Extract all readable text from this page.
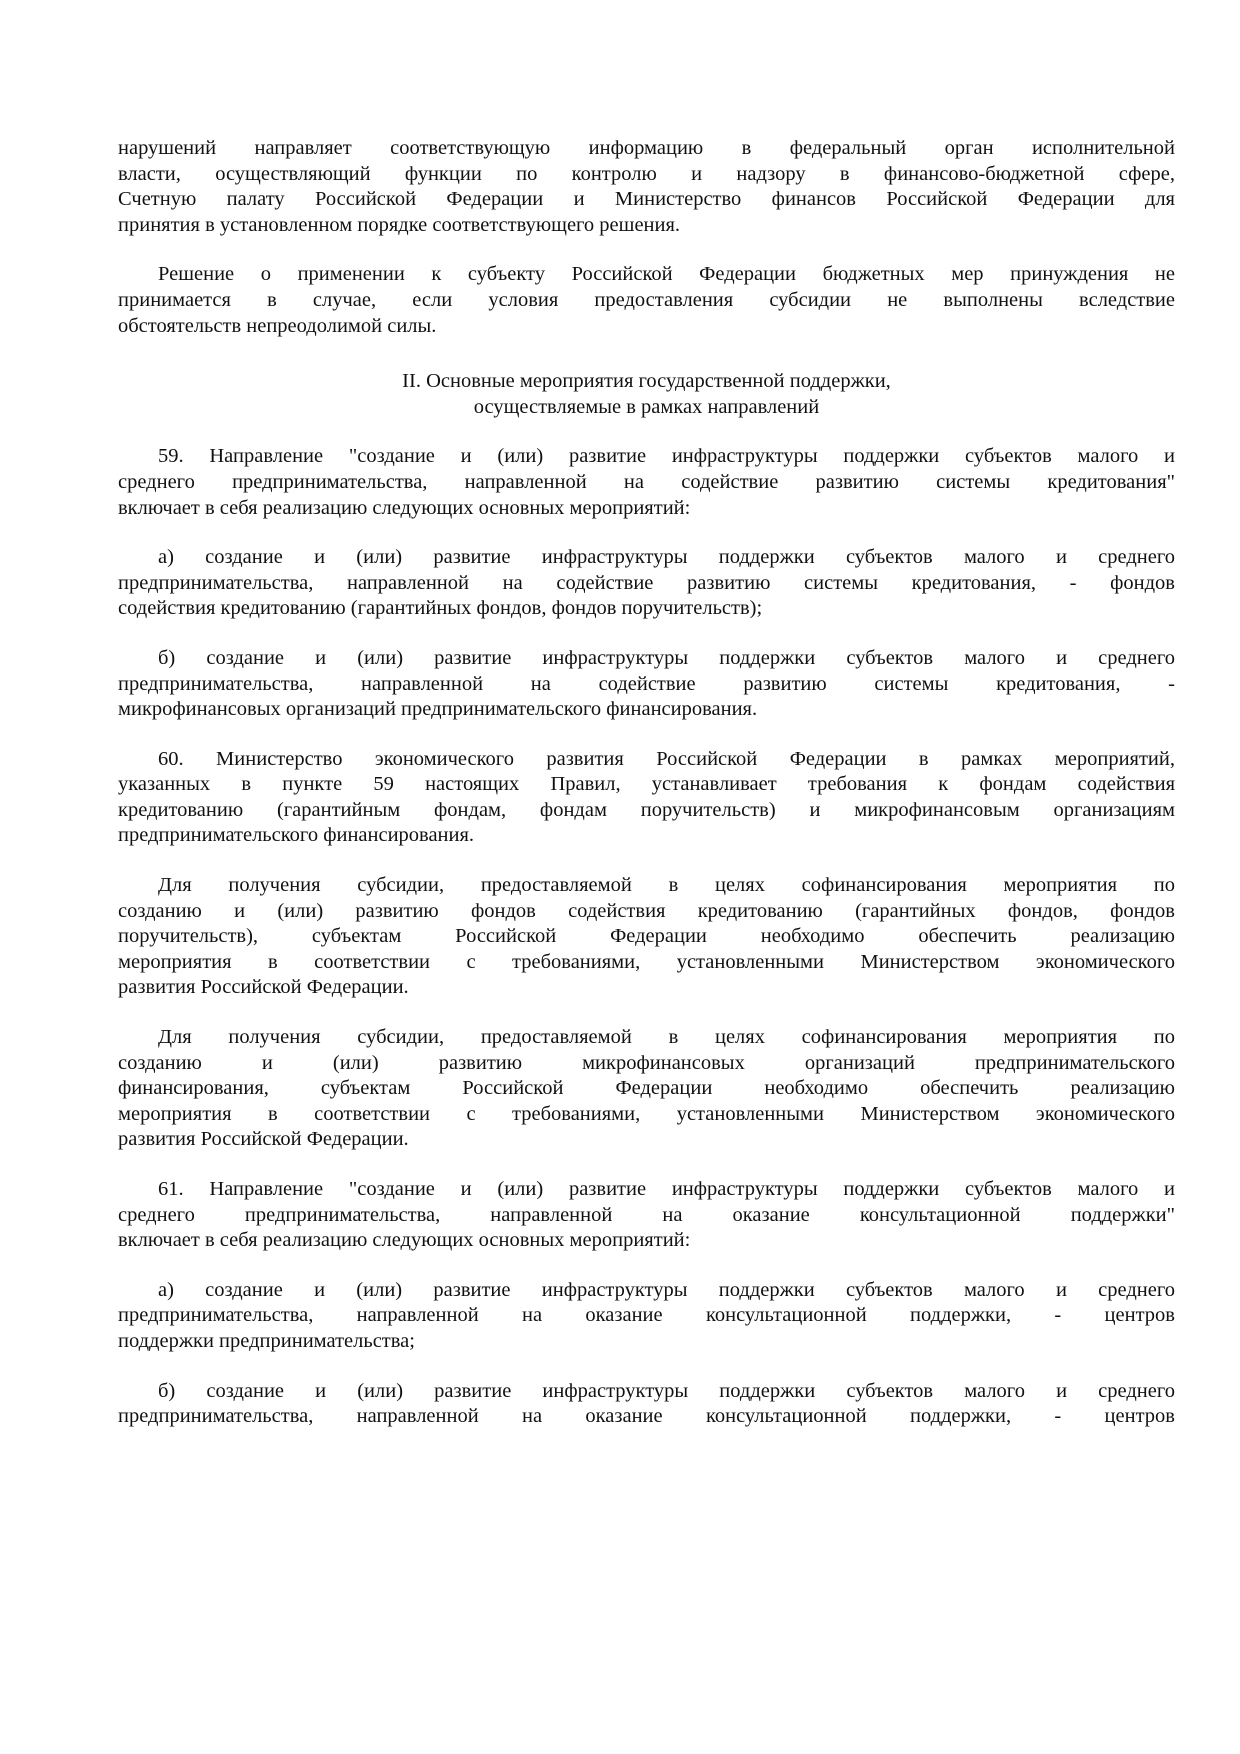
нарушений направляет соответствующую информацию в федеральный орган исполнительной
власти, осуществляющий функции по контролю и надзору в финансово-бюджетной сфере,
Счетную палату Российской Федерации и Министерство финансов Российской Федерации для
принятия в установленном порядке соответствующего решения.
Решение о применении к субъекту Российской Федерации бюджетных мер принуждения не
принимается в случае, если условия предоставления субсидии не выполнены вследствие
обстоятельств непреодолимой силы.
II. Основные мероприятия государственной поддержки,
осуществляемые в рамках направлений
59. Направление "создание и (или) развитие инфраструктуры поддержки субъектов малого и
среднего предпринимательства, направленной на содействие развитию системы кредитования"
включает в себя реализацию следующих основных мероприятий:
а) создание и (или) развитие инфраструктуры поддержки субъектов малого и среднего
предпринимательства, направленной на содействие развитию системы кредитования, - фондов
содействия кредитованию (гарантийных фондов, фондов поручительств);
б) создание и (или) развитие инфраструктуры поддержки субъектов малого и среднего
предпринимательства, направленной на содействие развитию системы кредитования, -
микрофинансовых организаций предпринимательского финансирования.
60. Министерство экономического развития Российской Федерации в рамках мероприятий,
указанных в пункте 59 настоящих Правил, устанавливает требования к фондам содействия
кредитованию (гарантийным фондам, фондам поручительств) и микрофинансовым организациям
предпринимательского финансирования.
Для получения субсидии, предоставляемой в целях софинансирования мероприятия по
созданию и (или) развитию фондов содействия кредитованию (гарантийных фондов, фондов
поручительств), субъектам Российской Федерации необходимо обеспечить реализацию
мероприятия в соответствии с требованиями, установленными Министерством экономического
развития Российской Федерации.
Для получения субсидии, предоставляемой в целях софинансирования мероприятия по
созданию и (или) развитию микрофинансовых организаций предпринимательского
финансирования, субъектам Российской Федерации необходимо обеспечить реализацию
мероприятия в соответствии с требованиями, установленными Министерством экономического
развития Российской Федерации.
61. Направление "создание и (или) развитие инфраструктуры поддержки субъектов малого и
среднего предпринимательства, направленной на оказание консультационной поддержки"
включает в себя реализацию следующих основных мероприятий:
а) создание и (или) развитие инфраструктуры поддержки субъектов малого и среднего
предпринимательства, направленной на оказание консультационной поддержки, - центров
поддержки предпринимательства;
б) создание и (или) развитие инфраструктуры поддержки субъектов малого и среднего
предпринимательства, направленной на оказание консультационной поддержки, - центров
